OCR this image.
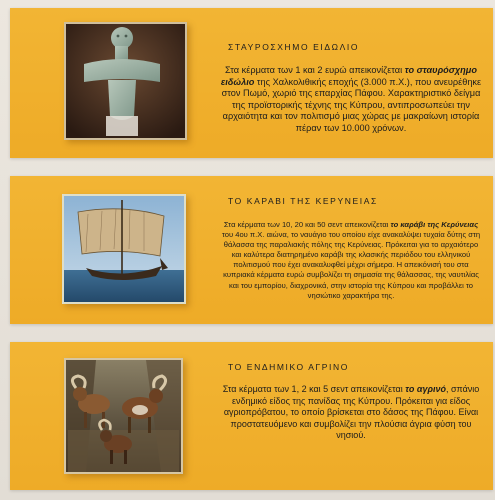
ΣΤΑΥΡΟΣΧΗΜΟ ΕΙΔΩΛΙΟ
Στα κέρματα των 1 και 2 ευρώ απεικονίζεται το σταυρόσχημο ειδώλιο της Χαλκολιθικής εποχής (3.000 π.Χ.), που ανευρέθηκε στον Πωμό, χωριό της επαρχίας Πάφου. Χαρακτηριστικό δείγμα της προϊστορικής τέχνης της Κύπρου, αντιπροσωπεύει την αρχαιότητα και τον πολιτισμό μιας χώρας με μακραίωνη ιστορία πέραν των 10.000 χρόνων.
ΤΟ ΚΑΡΑΒΙ ΤΗΣ ΚΕΡΥΝΕΙΑΣ
Στα κέρματα των 10, 20 και 50 σεντ απεικονίζεται το καράβι της Κερύνειας του 4ου π.Χ. αιώνα, το ναυάγιο του οποίου είχε ανακαλύψει τυχαία δύτης στη θάλασσα της παραλιακής πόλης της Κερύνειας. Πρόκειται για το αρχαιότερο και καλύτερα διατηρημένο καράβι της κλασικής περιόδου του ελληνικού πολιτισμού που έχει ανακαλυφθεί μέχρι σήμερα. Η απεικόνισή του στα κυπριακά κέρματα ευρώ συμβολίζει τη σημασία της θάλασσας, της ναυτιλίας και του εμπορίου, διαχρονικά, στην ιστορία της Κύπρου και προβάλλει το νησιώτικο χαρακτήρα της.
ΤΟ ΕΝΔΗΜΙΚΟ ΑΓΡΙΝΟ
Στα κέρματα των 1, 2 και 5 σεντ απεικονίζεται το αγρινό, σπάνιο ενδημικό είδος της πανίδας της Κύπρου. Πρόκειται για είδος αγριοπρόβατου, το οποίο βρίσκεται στο δάσος της Πάφου. Είναι προστατευόμενο και συμβολίζει την πλούσια άγρια φύση του νησιού.
